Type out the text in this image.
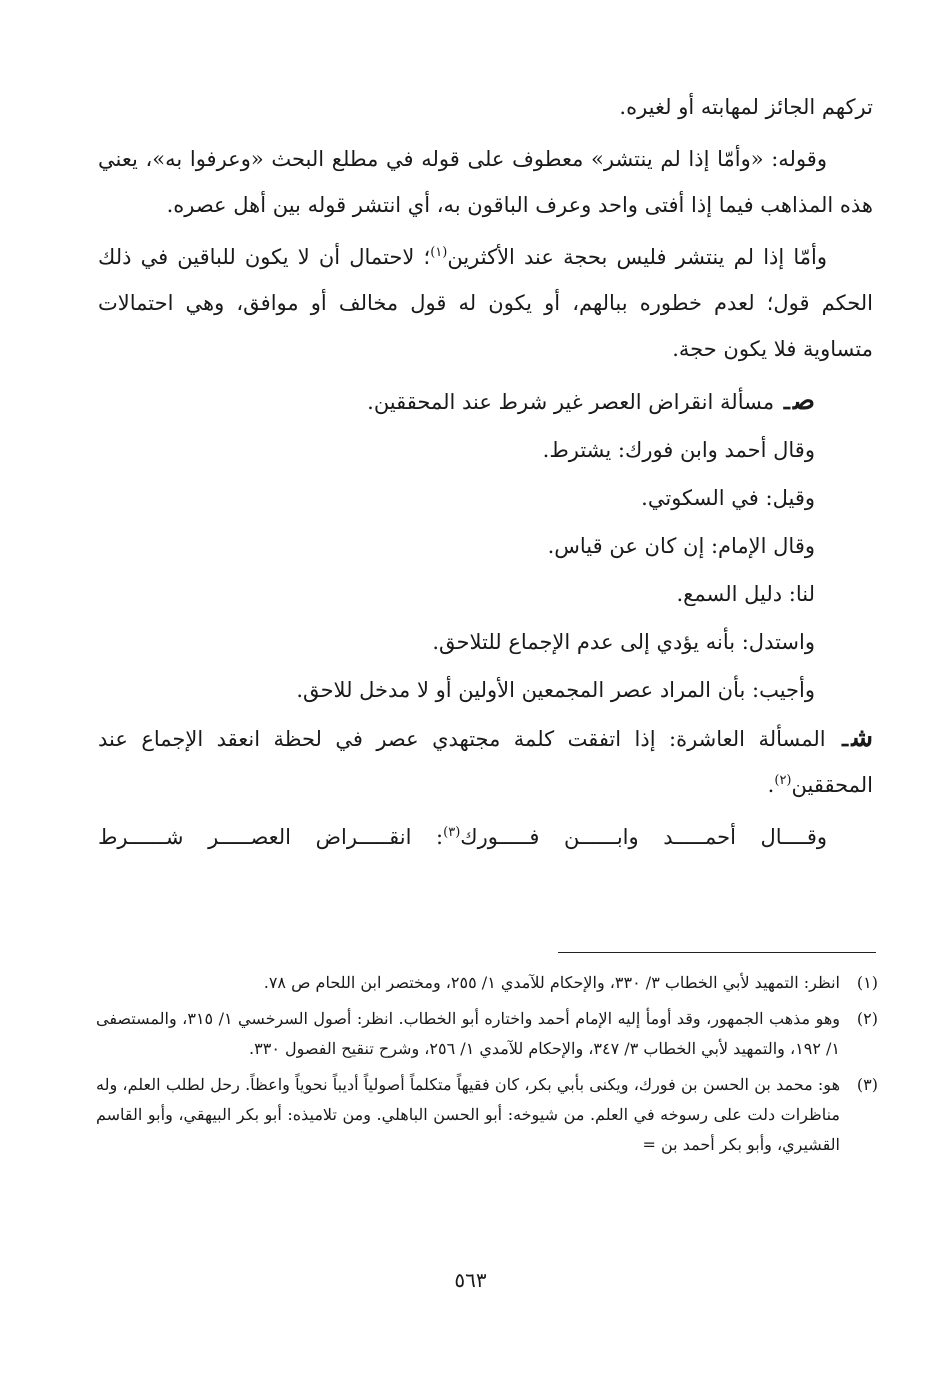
تركهم الجائز لمهابته أو لغيره.

وقوله: «وأمّا إذا لم ينتشر» معطوف على قوله في مطلع البحث «وعرفوا به»، يعني هذه المذاهب فيما إذا أفتى واحد وعرف الباقون به، أي انتشر قوله بين أهل عصره.

وأمّا إذا لم ينتشر فليس بحجة عند الأكثرين$^{(١)}$؛ لاحتمال أن لا يكون للباقين في ذلك الحكم قول؛ لعدم خطوره ببالهم، أو يكون له قول مخالف أو موافق، وهي احتمالات متساوية فلا يكون حجة.

صـ مسألة انقراض العصر غير شرط عند المحققين.

وقال أحمد وابن فورك: يشترط.

وقيل: في السكوتي.

وقال الإمام: إن كان عن قياس.

لنا: دليل السمع.

واستدل: بأنه يؤدي إلى عدم الإجماع للتلاحق.

وأجيب: بأن المراد عصر المجمعين الأولين أو لا مدخل للاحق.

شـ المسألة العاشرة: إذا اتفقت كلمة مجتهدي عصر في لحظة انعقد الإجماع عند المحققين$^{(٢)}$.

وقــــال أحمـــــد وابــــــن فـــــورك$^{(٣)}$: انقـــــراض العصـــــر شــــــرط

(١)
انظر: التمهيد لأبي الخطاب ٣/ ٣٣٠، والإحكام للآمدي ١/ ٢٥٥، ومختصر ابن اللحام ص ٧٨.
(٢)
وهو مذهب الجمهور، وقد أومأ إليه الإمام أحمد واختاره أبو الخطاب. انظر: أصول السرخسي ١/ ٣١٥، والمستصفى ١/ ١٩٢، والتمهيد لأبي الخطاب ٣/ ٣٤٧، والإحكام للآمدي ١/ ٢٥٦، وشرح تنقيح الفصول ٣٣٠.
(٣)
هو: محمد بن الحسن بن فورك، ويكنى بأبي بكر، كان فقيهاً متكلماً أصولياً أديباً نحوياً واعظاً. رحل لطلب العلم، وله مناظرات دلت على رسوخه في العلم. من شيوخه: أبو الحسن الباهلي. ومن تلاميذه: أبو بكر البيهقي، وأبو القاسم القشيري، وأبو بكر أحمد بن =
٥٦٣
